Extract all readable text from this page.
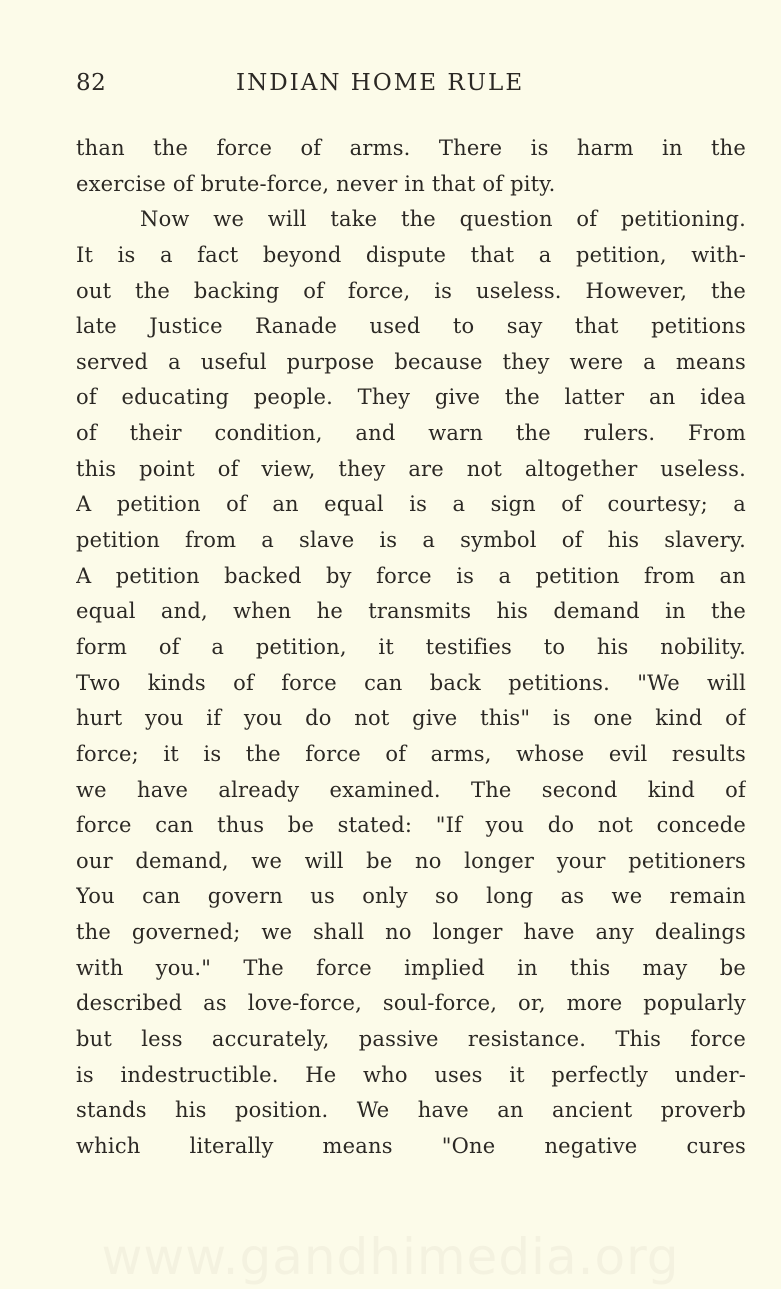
82	INDIAN HOME RULE
than the force of arms. There is harm in the
exercise of brute-force, never in that of pity.
Now we will take the question of petitioning.
It is a fact beyond dispute that a petition, with-
out the backing of force, is useless. However, the
late Justice Ranade used to say that petitions
served a useful purpose because they were a means
of educating people. They give the latter an idea
of their condition, and warn the rulers. From
this point of view, they are not altogether useless.
A petition of an equal is a sign of courtesy; a
petition from a slave is a symbol of his slavery.
A petition backed by force is a petition from an
equal and, when he transmits his demand in the
form of a petition, it testifies to his nobility.
Two kinds of force can back petitions. "We will
hurt you if you do not give this" is one kind of
force; it is the force of arms, whose evil results
we have already examined. The second kind of
force can thus be stated: "If you do not concede
our demand, we will be no longer your petitioners
You can govern us only so long as we remain
the governed; we shall no longer have any dealings
with you." The force implied in this may be
described as love-force, soul-force, or, more popularly
but less accurately, passive resistance. This force
is indestructible. He who uses it perfectly under-
stands his position. We have an ancient proverb
which literally means "One negative cures
www.gandhimedia.org
